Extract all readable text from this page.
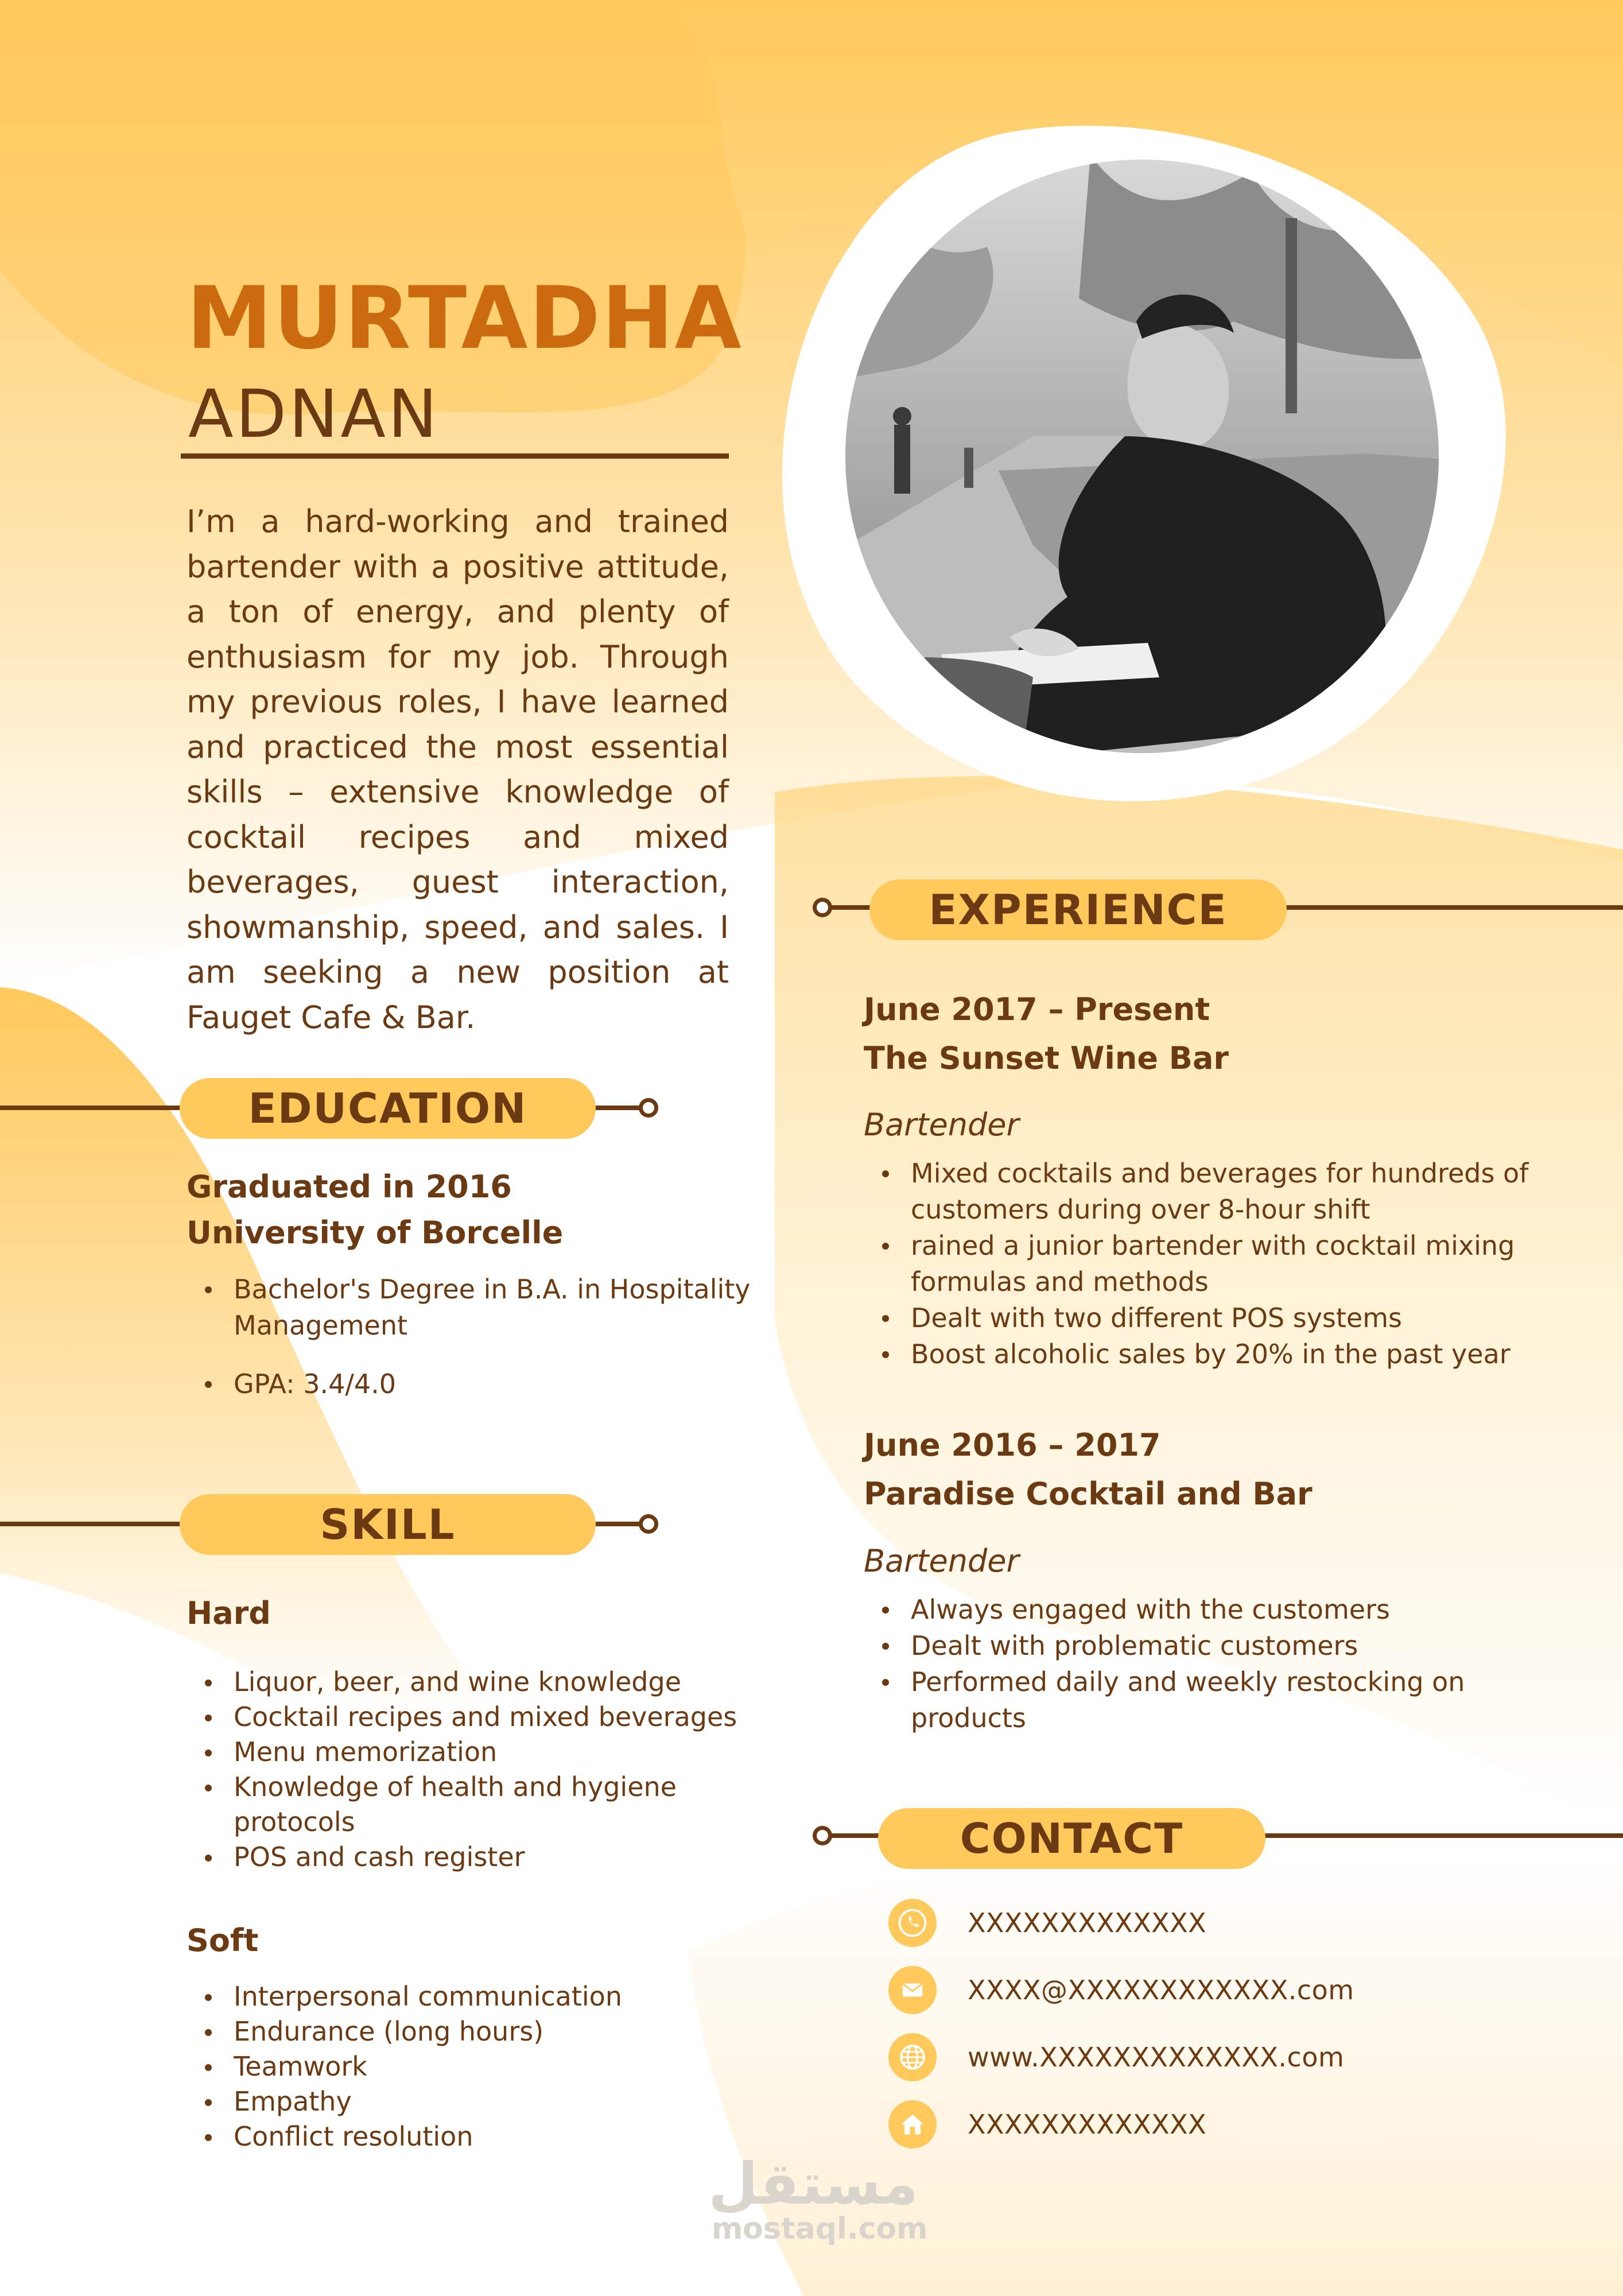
MURTADHA
ADNAN
I’m a hard-working and trained bartender with a positive attitude, a ton of energy, and plenty of enthusiasm for my job. Through my previous roles, I have learned and practiced the most essential skills – extensive knowledge of cocktail recipes and mixed beverages, guest interaction, showmanship, speed, and sales. I am seeking a new position at Fauget Cafe & Bar.
EDUCATION
Graduated in 2016
University of Borcelle
Bachelor's Degree in B.A. in Hospitality Management
GPA: 3.4/4.0
SKILL
Hard
Liquor, beer, and wine knowledge
Cocktail recipes and mixed beverages
Menu memorization
Knowledge of health and hygiene protocols
POS and cash register
Soft
Interpersonal communication
Endurance (long hours)
Teamwork
Empathy
Conflict resolution
EXPERIENCE
June 2017 – Present
The Sunset Wine Bar
Bartender
Mixed cocktails and beverages for hundreds of customers during over 8-hour shift
rained a junior bartender with cocktail mixing formulas and methods
Dealt with two different POS systems
Boost alcoholic sales by 20% in the past year
June 2016 – 2017
Paradise Cocktail and Bar
Bartender
Always engaged with the customers
Dealt with problematic customers
Performed daily and weekly restocking on products
CONTACT
XXXXXXXXXXXXX
XXXX@XXXXXXXXXXXX.com
www.XXXXXXXXXXXXX.com
XXXXXXXXXXXXX
مستقل
mostaql.com
